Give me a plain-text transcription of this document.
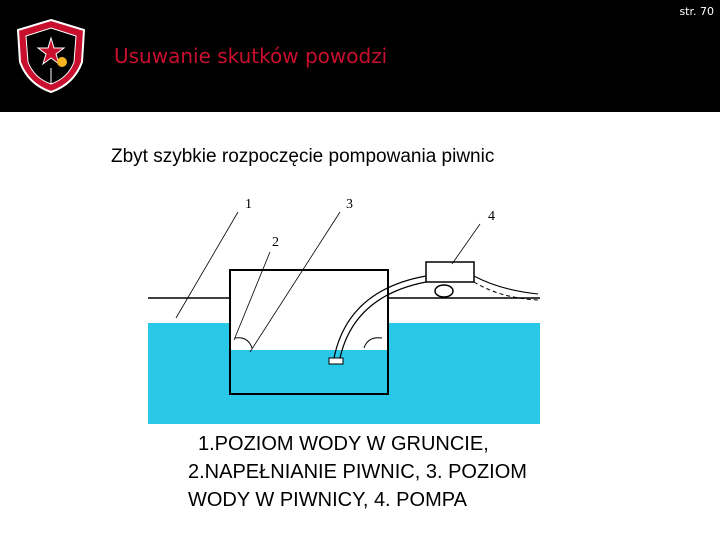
str. 70
Usuwanie skutków powodzi
Zbyt szybkie rozpoczęcie pompowania piwnic
1
2
3
4
1.POZIOM WODY W GRUNCIE,
2.NAPEŁNIANIE PIWNIC, 3. POZIOM
WODY W PIWNICY, 4. POMPA
